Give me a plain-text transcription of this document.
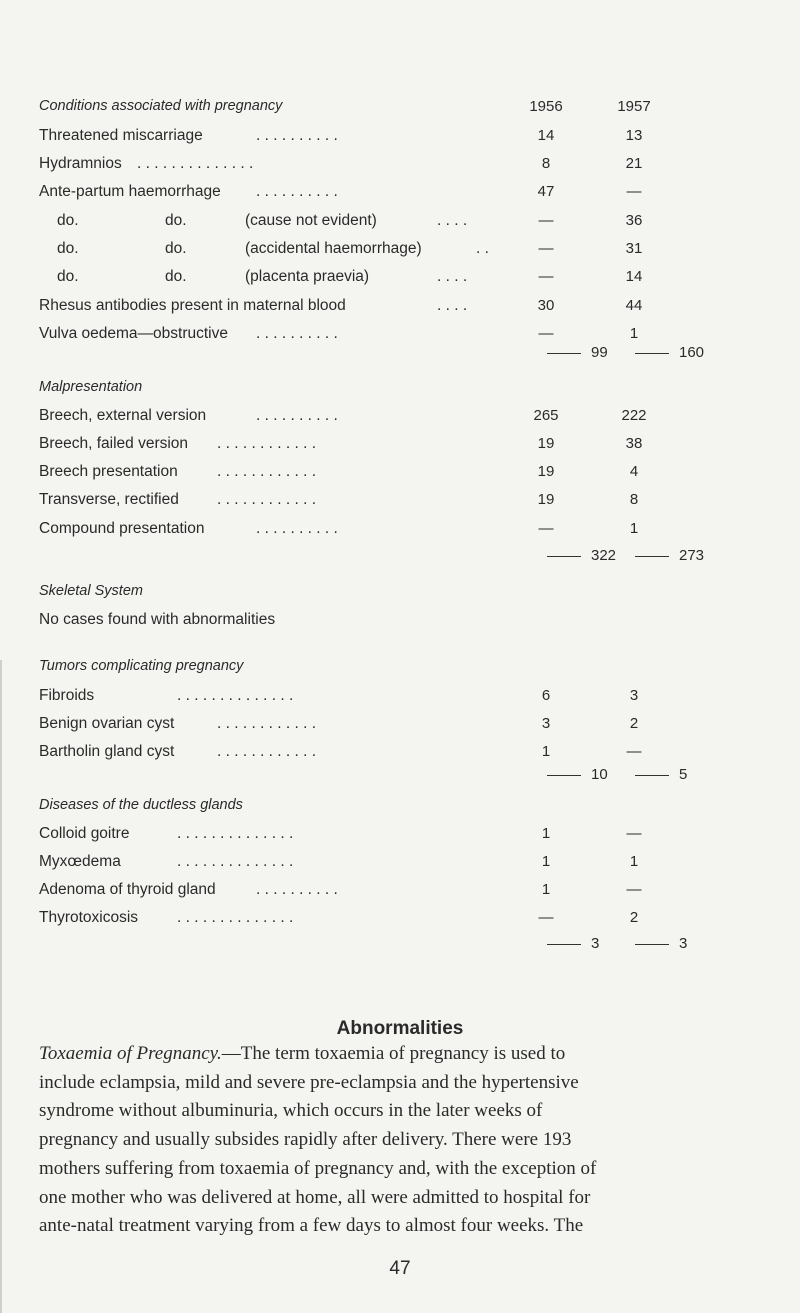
Conditions associated with pregnancy	1956	1957
Threatened miscarriage	. . . . . . . . . .	14	13
Hydramnios . . . . . . . . . . . . . .	8	21
Ante-partum haemorrhage . . . . . . . . . .	47	—
do.	do.	(cause not evident)	. . . .	—	36
do.	do.	(accidental haemorrhage)	. .	—	31
do.	do.	(placenta praevia)	. . . .	—	14
Rhesus antibodies present in maternal blood	. . . .	30	44
Vulva oedema—obstructive . . . . . . . . . .	—	1
99	160
Malpresentation
Breech, external version	. . . . . . . . . .	265	222
Breech, failed version . . . . . . . . . . . .	19	38
Breech presentation	. . . . . . . . . . . .	19	4
Transverse, rectified . . . . . . . . . . . .	19	8
Compound presentation	. . . . . . . . . .	—	1
322	273
Skeletal System
No cases found with abnormalities
Tumors complicating pregnancy
Fibroids	. . . . . . . . . . . . . .	6	3
Benign ovarian cyst	. . . . . . . . . . . .	3	2
Bartholin gland cyst	. . . . . . . . . . . .	1	—
10	5
Diseases of the ductless glands
Colloid goitre	. . . . . . . . . . . . . .	1	—
Myxœdema	. . . . . . . . . . . . . .	1	1
Adenoma of thyroid gland	. . . . . . . . . .	1	—
Thyrotoxicosis	. . . . . . . . . . . . . .	—	2
3	3
Abnormalities

Toxaemia of Pregnancy.—The term toxaemia of pregnancy is used to

include eclampsia, mild and severe pre-eclampsia and the hypertensive

syndrome without albuminuria, which occurs in the later weeks of

pregnancy and usually subsides rapidly after delivery. There were 193

mothers suffering from toxaemia of pregnancy and, with the exception of

one mother who was delivered at home, all were admitted to hospital for

ante-natal treatment varying from a few days to almost four weeks. The

47
